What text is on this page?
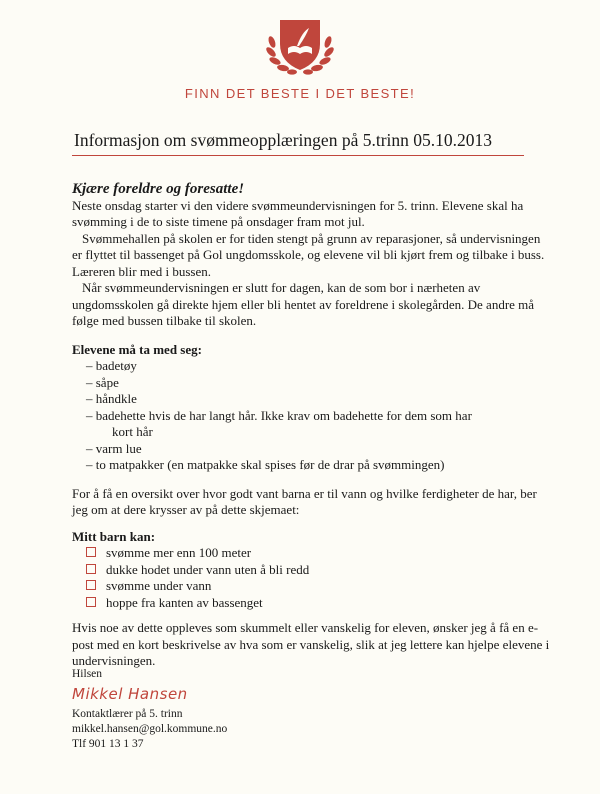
FINN DET BESTE I DET BESTE!
Informasjon om svømmeopplæringen på 5.trinn 05.10.2013

Kjære foreldre og foresatte!

Neste onsdag starter vi den videre svømmeundervisningen for 5. trinn. Elevene skal ha svømming i de to siste timene på onsdager fram mot jul.

Svømmehallen på skolen er for tiden stengt på grunn av reparasjoner, så undervisningen er flyttet til bassenget på Gol ungdomsskole, og elevene vil bli kjørt frem og tilbake i buss. Læreren blir med i bussen.

Når svømmeundervisningen er slutt for dagen, kan de som bor i nærheten av ungdomsskolen gå direkte hjem eller bli hentet av foreldrene i skolegården. De andre må følge med bussen tilbake til skolen.

Elevene må ta med seg:

– badetøy
– såpe
– håndkle
– badehette hvis de har langt hår. Ikke krav om badehette for dem som har
kort hår
– varm lue
– to matpakker (en matpakke skal spises før de drar på svømmingen)

For å få en oversikt over hvor godt vant barna er til vann og hvilke ferdigheter de har, ber jeg om at dere krysser av på dette skjemaet:

Mitt barn kan:

svømme mer enn 100 meter
dukke hodet under vann uten å bli redd
svømme under vann
hoppe fra kanten av bassenget

Hvis noe av dette oppleves som skummelt eller vanskelig for eleven, ønsker jeg å få en e-post med en kort beskrivelse av hva som er vanskelig, slik at jeg lettere kan hjelpe elevene i undervisningen.

Hilsen
Mikkel Hansen
Kontaktlærer på 5. trinn
mikkel.hansen@gol.kommune.no
Tlf 901 13 1 37
